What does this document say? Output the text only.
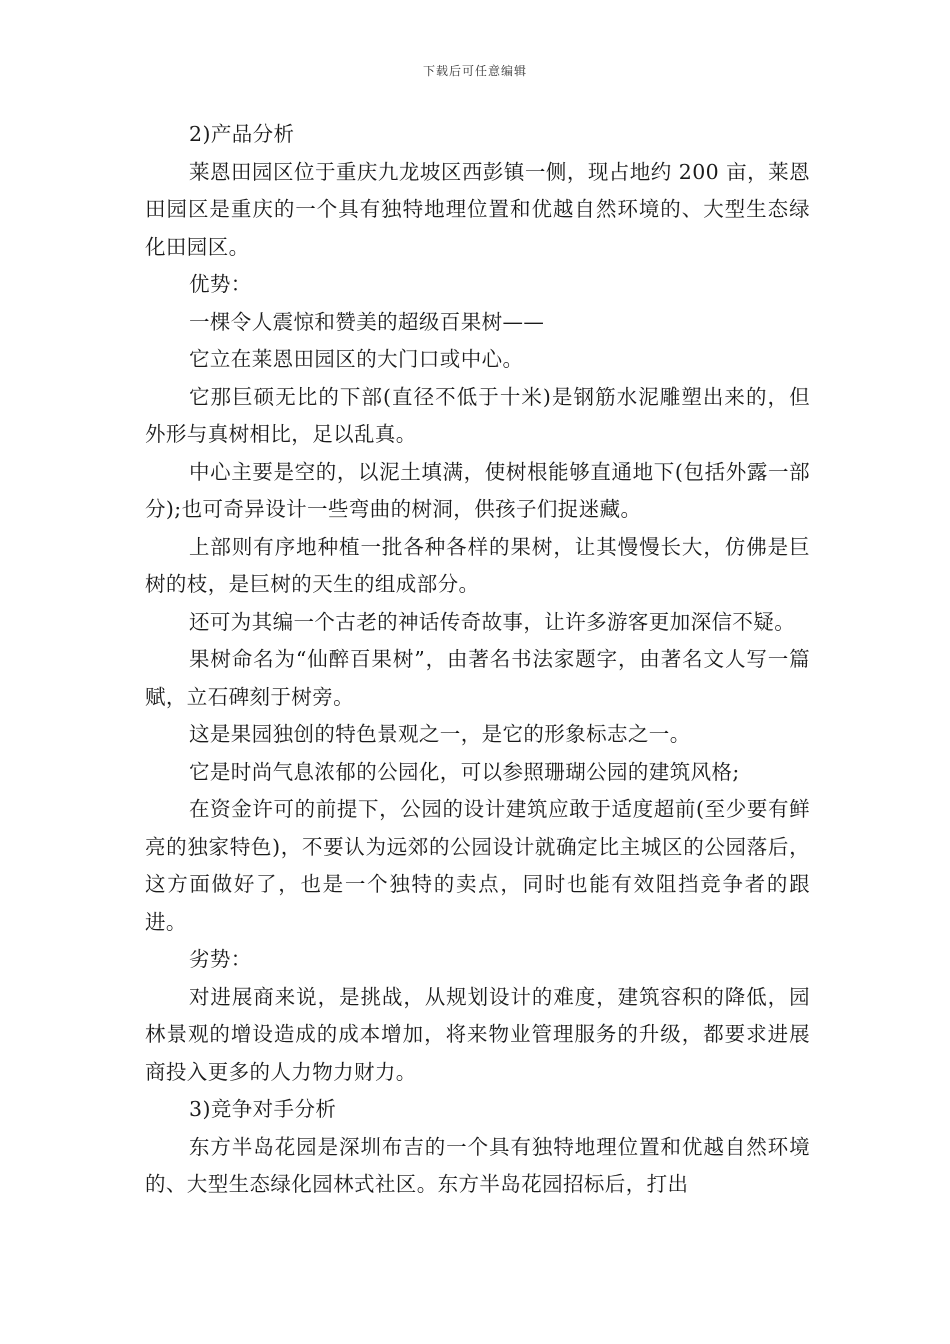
下载后可任意编辑

2)产品分析

莱恩田园区位于重庆九龙坡区西彭镇一侧，现占地约 200 亩，莱恩田园区是重庆的一个具有独特地理位置和优越自然环境的、大型生态绿化田园区。

优势：

一棵令人震惊和赞美的超级百果树——

它立在莱恩田园区的大门口或中心。

它那巨硕无比的下部(直径不低于十米)是钢筋水泥雕塑出来的，但外形与真树相比，足以乱真。

中心主要是空的，以泥土填满，使树根能够直通地下(包括外露一部分);也可奇异设计一些弯曲的树洞，供孩子们捉迷藏。

上部则有序地种植一批各种各样的果树，让其慢慢长大，仿佛是巨树的枝，是巨树的天生的组成部分。

还可为其编一个古老的神话传奇故事，让许多游客更加深信不疑。

果树命名为“仙醉百果树”，由著名书法家题字，由著名文人写一篇赋，立石碑刻于树旁。

这是果园独创的特色景观之一，是它的形象标志之一。

它是时尚气息浓郁的公园化，可以参照珊瑚公园的建筑风格;

在资金许可的前提下，公园的设计建筑应敢于适度超前(至少要有鲜亮的独家特色)，不要认为远郊的公园设计就确定比主城区的公园落后，这方面做好了，也是一个独特的卖点，同时也能有效阻挡竞争者的跟进。

劣势：

对进展商来说，是挑战，从规划设计的难度，建筑容积的降低，园林景观的增设造成的成本增加，将来物业管理服务的升级，都要求进展商投入更多的人力物力财力。

3)竞争对手分析

东方半岛花园是深圳布吉的一个具有独特地理位置和优越自然环境的、大型生态绿化园林式社区。东方半岛花园招标后，打出
